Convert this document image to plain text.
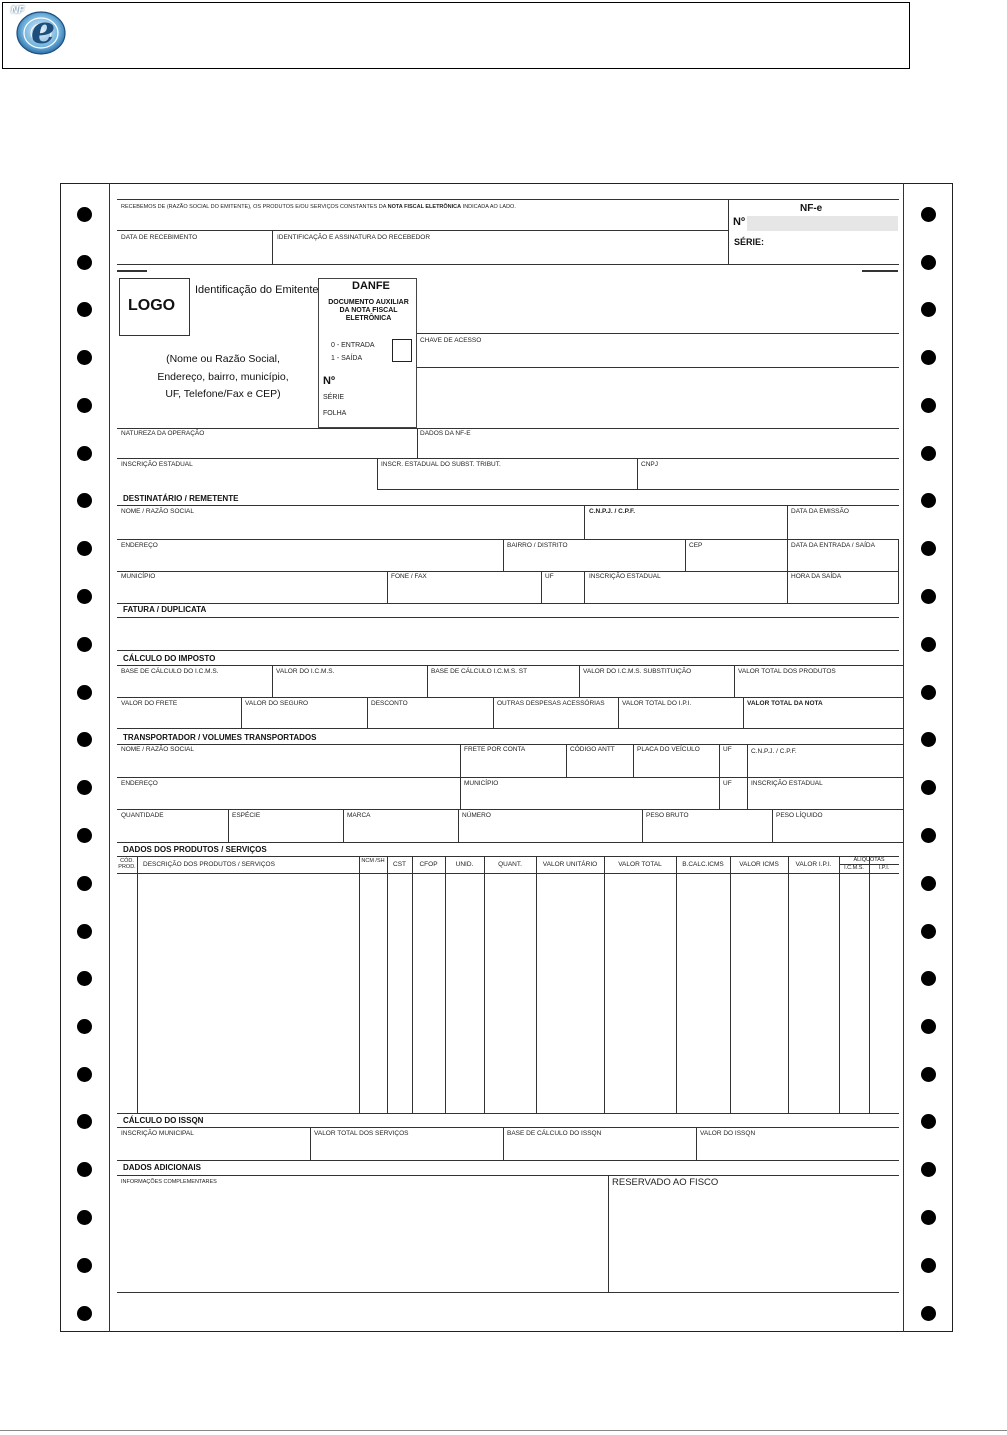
NF e
RECEBEMOS DE (RAZÃO SOCIAL DO EMITENTE), OS PRODUTOS E/OU SERVIÇOS CONSTANTES DA NOTA FISCAL ELETRÔNICA INDICADA AO LADO.
DATA DE RECEBIMENTO	IDENTIFICAÇÃO E ASSINATURA DO RECEBEDOR
NF-e
Nº
SÉRIE:
LOGO
Identificação do Emitente
(Nome ou Razão Social,
Endereço, bairro, município,
UF, Telefone/Fax e CEP)
DANFE
DOCUMENTO AUXILIAR
DA NOTA FISCAL
ELETRÔNICA
0 - ENTRADA
1 - SAÍDA
Nº
SÉRIE
FOLHA
CHAVE DE ACESSO
NATUREZA DA OPERAÇÃO	DADOS DA NF-E
INSCRIÇÃO ESTADUAL	INSCR. ESTADUAL DO SUBST. TRIBUT.	CNPJ
DESTINATÁRIO / REMETENTE
NOME / RAZÃO SOCIAL	C.N.P.J. / C.P.F.	DATA DA EMISSÃO
ENDEREÇO	BAIRRO / DISTRITO	CEP	DATA DA ENTRADA / SAÍDA
MUNICÍPIO	FONE / FAX	UF	INSCRIÇÃO ESTADUAL	HORA DA SAÍDA
FATURA / DUPLICATA
CÁLCULO DO IMPOSTO
BASE DE CÁLCULO DO I.C.M.S.	VALOR DO I.C.M.S.	BASE DE CÁLCULO I.C.M.S. ST	VALOR DO I.C.M.S. SUBSTITUIÇÃO	VALOR TOTAL DOS PRODUTOS
VALOR DO FRETE	VALOR DO SEGURO	DESCONTO	OUTRAS DESPESAS ACESSÓRIAS	VALOR TOTAL DO I.P.I.	VALOR TOTAL DA NOTA
TRANSPORTADOR / VOLUMES TRANSPORTADOS
NOME / RAZÃO SOCIAL	FRETE POR CONTA	CÓDIGO ANTT	PLACA DO VEÍCULO	UF	C.N.P.J. / C.P.F.
ENDEREÇO	MUNICÍPIO	UF	INSCRIÇÃO ESTADUAL
QUANTIDADE	ESPÉCIE	MARCA	NÚMERO	PESO BRUTO	PESO LÍQUIDO
DADOS DOS PRODUTOS / SERVIÇOS
CÓD. PROD.	DESCRIÇÃO DOS PRODUTOS / SERVIÇOS	NCM /SH	CST	CFOP	UNID.	QUANT.	VALOR UNITÁRIO	VALOR TOTAL	B.CALC.ICMS	VALOR ICMS	VALOR I.P.I.
ALÍQUOTAS
I.C.M.S.	I.P.I.
CÁLCULO DO ISSQN
INSCRIÇÃO MUNICIPAL	VALOR TOTAL DOS SERVIÇOS	BASE DE CÁLCULO DO ISSQN	VALOR DO ISSQN
DADOS ADICIONAIS
INFORMAÇÕES COMPLEMENTARES	RESERVADO AO FISCO
